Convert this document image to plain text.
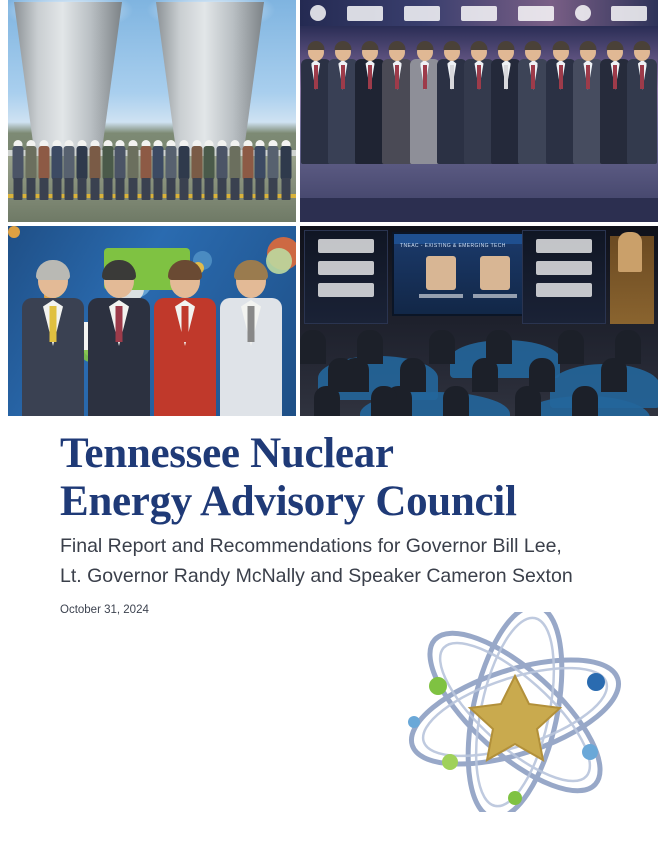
TNEAC - EXISTING & EMERGING TECH
Tennessee Nuclear
Energy Advisory Council
Final Report and Recommendations for Governor Bill Lee,
Lt. Governor Randy McNally and Speaker Cameron Sexton
October 31, 2024
